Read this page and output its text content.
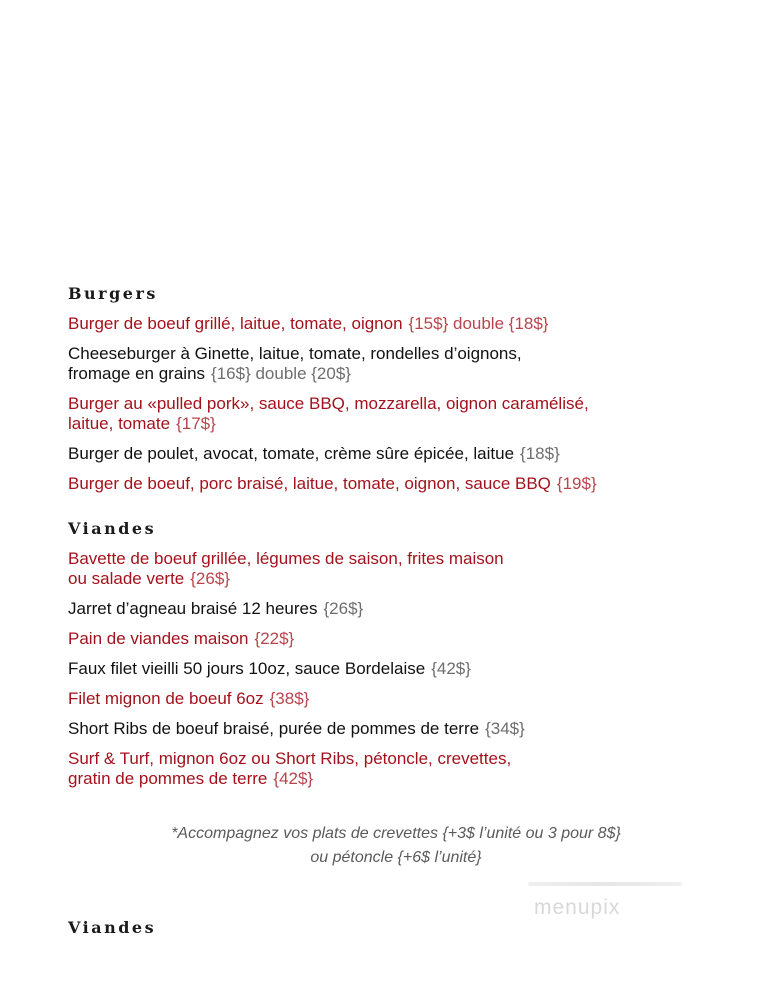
Burgers
Burger de boeuf grillé, laitue, tomate, oignon {15$} double {18$}
Cheeseburger à Ginette, laitue, tomate, rondelles d’oignons,
fromage en grains {16$} double {20$}
Burger au «pulled pork», sauce BBQ, mozzarella, oignon caramélisé,
laitue, tomate {17$}
Burger de poulet, avocat, tomate, crème sûre épicée, laitue {18$}
Burger de boeuf, porc braisé, laitue, tomate, oignon, sauce BBQ {19$}
Viandes
Bavette de boeuf grillée, légumes de saison, frites maison
ou salade verte {26$}
Jarret d’agneau braisé 12 heures {26$}
Pain de viandes maison {22$}
Faux filet vieilli 50 jours 10oz, sauce Bordelaise {42$}
Filet mignon de boeuf 6oz {38$}
Short Ribs de boeuf braisé, purée de pommes de terre {34$}
Surf & Turf, mignon 6oz ou Short Ribs, pétoncle, crevettes,
gratin de pommes de terre {42$}
*Accompagnez vos plats de crevettes {+3$ l’unité ou 3 pour 8$}
ou pétoncle {+6$ l’unité}
menupix
Viandes
